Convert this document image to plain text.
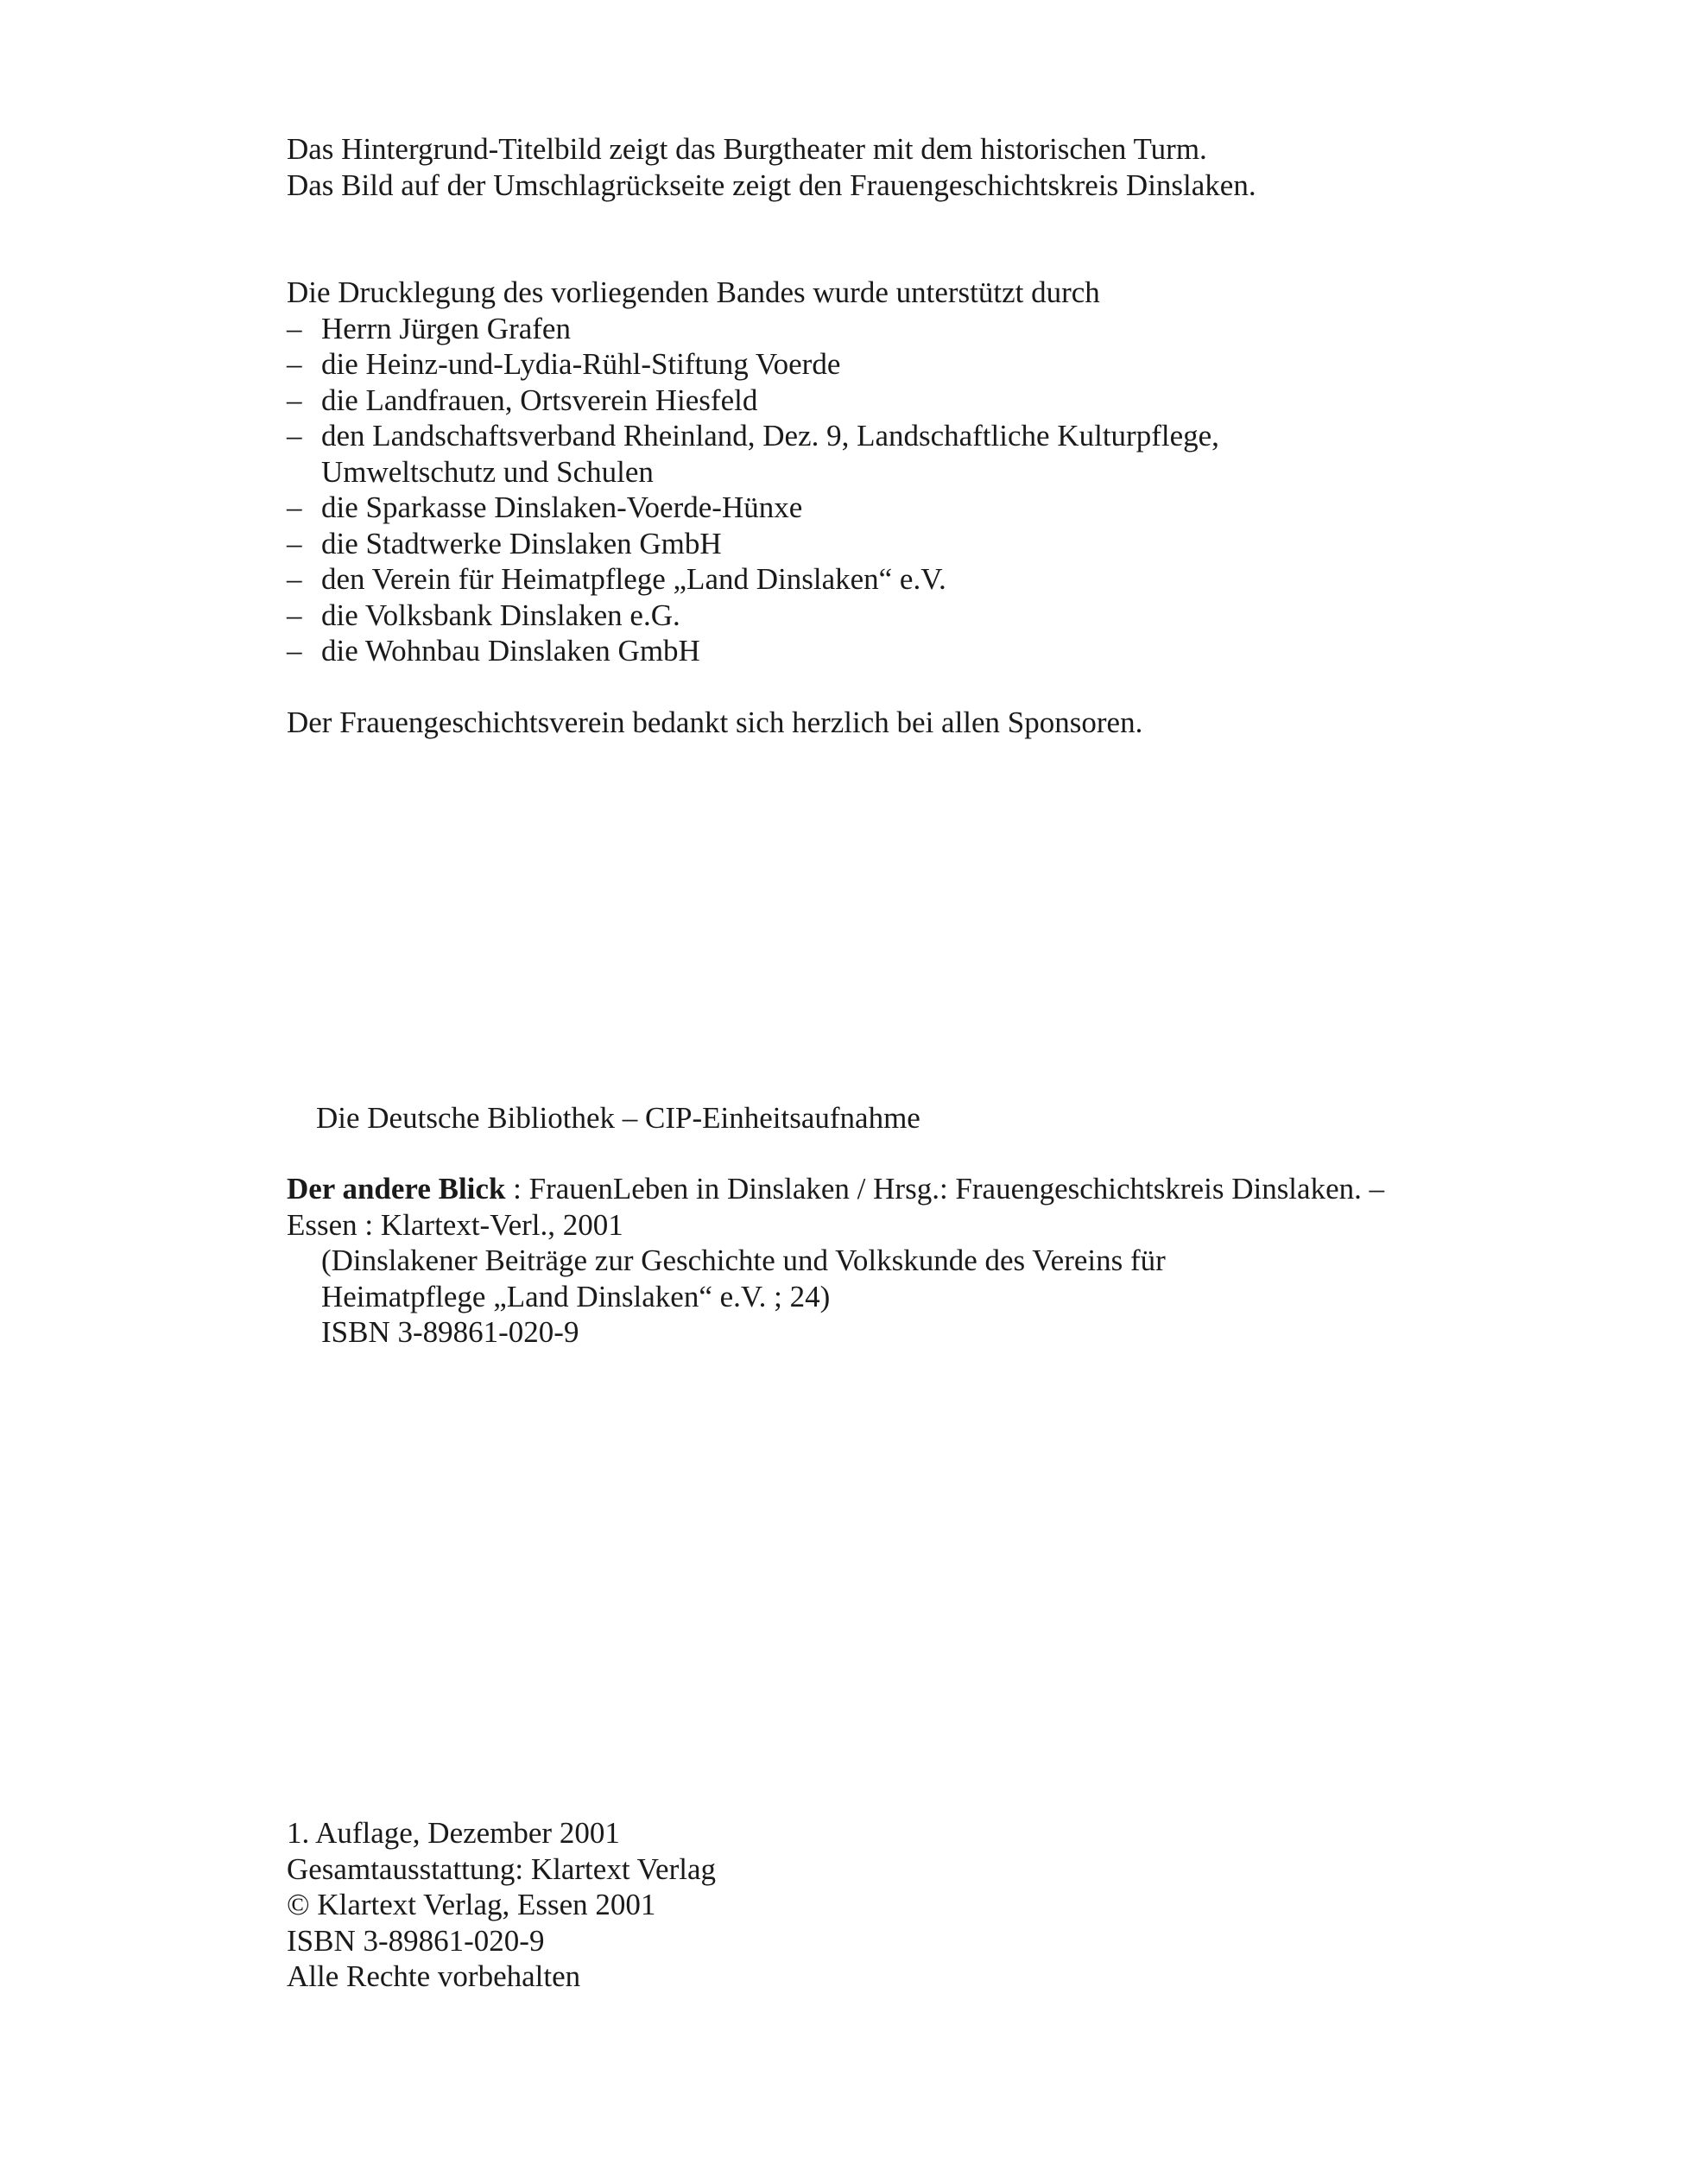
Das Hintergrund-Titelbild zeigt das Burgtheater mit dem historischen Turm.
Das Bild auf der Umschlagrückseite zeigt den Frauengeschichtskreis Dinslaken.
Die Drucklegung des vorliegenden Bandes wurde unterstützt durch
– Herrn Jürgen Grafen
– die Heinz-und-Lydia-Rühl-Stiftung Voerde
– die Landfrauen, Ortsverein Hiesfeld
– den Landschaftsverband Rheinland, Dez. 9, Landschaftliche Kulturpflege,
Umweltschutz und Schulen
– die Sparkasse Dinslaken-Voerde-Hünxe
– die Stadtwerke Dinslaken GmbH
– den Verein für Heimatpflege „Land Dinslaken“ e.V.
– die Volksbank Dinslaken e.G.
– die Wohnbau Dinslaken GmbH
Der Frauengeschichtsverein bedankt sich herzlich bei allen Sponsoren.
Die Deutsche Bibliothek – CIP-Einheitsaufnahme
Der andere Blick : FrauenLeben in Dinslaken / Hrsg.: Frauengeschichtskreis Dinslaken. –
Essen : Klartext-Verl., 2001
(Dinslakener Beiträge zur Geschichte und Volkskunde des Vereins für
Heimatpflege „Land Dinslaken“ e.V. ; 24)
ISBN 3-89861-020-9
1. Auflage, Dezember 2001
Gesamtausstattung: Klartext Verlag
© Klartext Verlag, Essen 2001
ISBN 3-89861-020-9
Alle Rechte vorbehalten
